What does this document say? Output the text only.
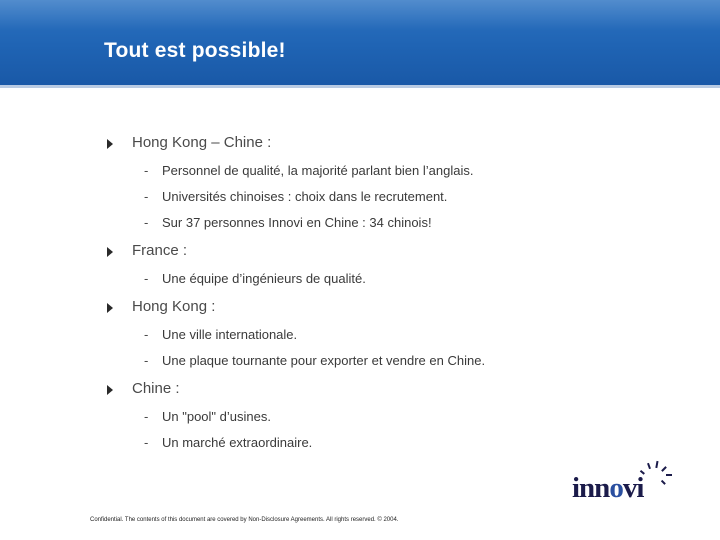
Tout est possible!
Hong Kong – Chine :
- Personnel de qualité, la majorité parlant bien l’anglais.
- Universités chinoises : choix dans le recrutement.
- Sur 37 personnes Innovi en Chine : 34 chinois!
France :
- Une équipe d’ingénieurs de qualité.
Hong Kong :
- Une ville internationale.
- Une plaque tournante pour exporter et vendre en Chine.
Chine :
- Un "pool" d’usines.
- Un marché extraordinaire.
innovi
Confidential. The contents of this document are covered by Non-Disclosure Agreements. All rights reserved. © 2004.
